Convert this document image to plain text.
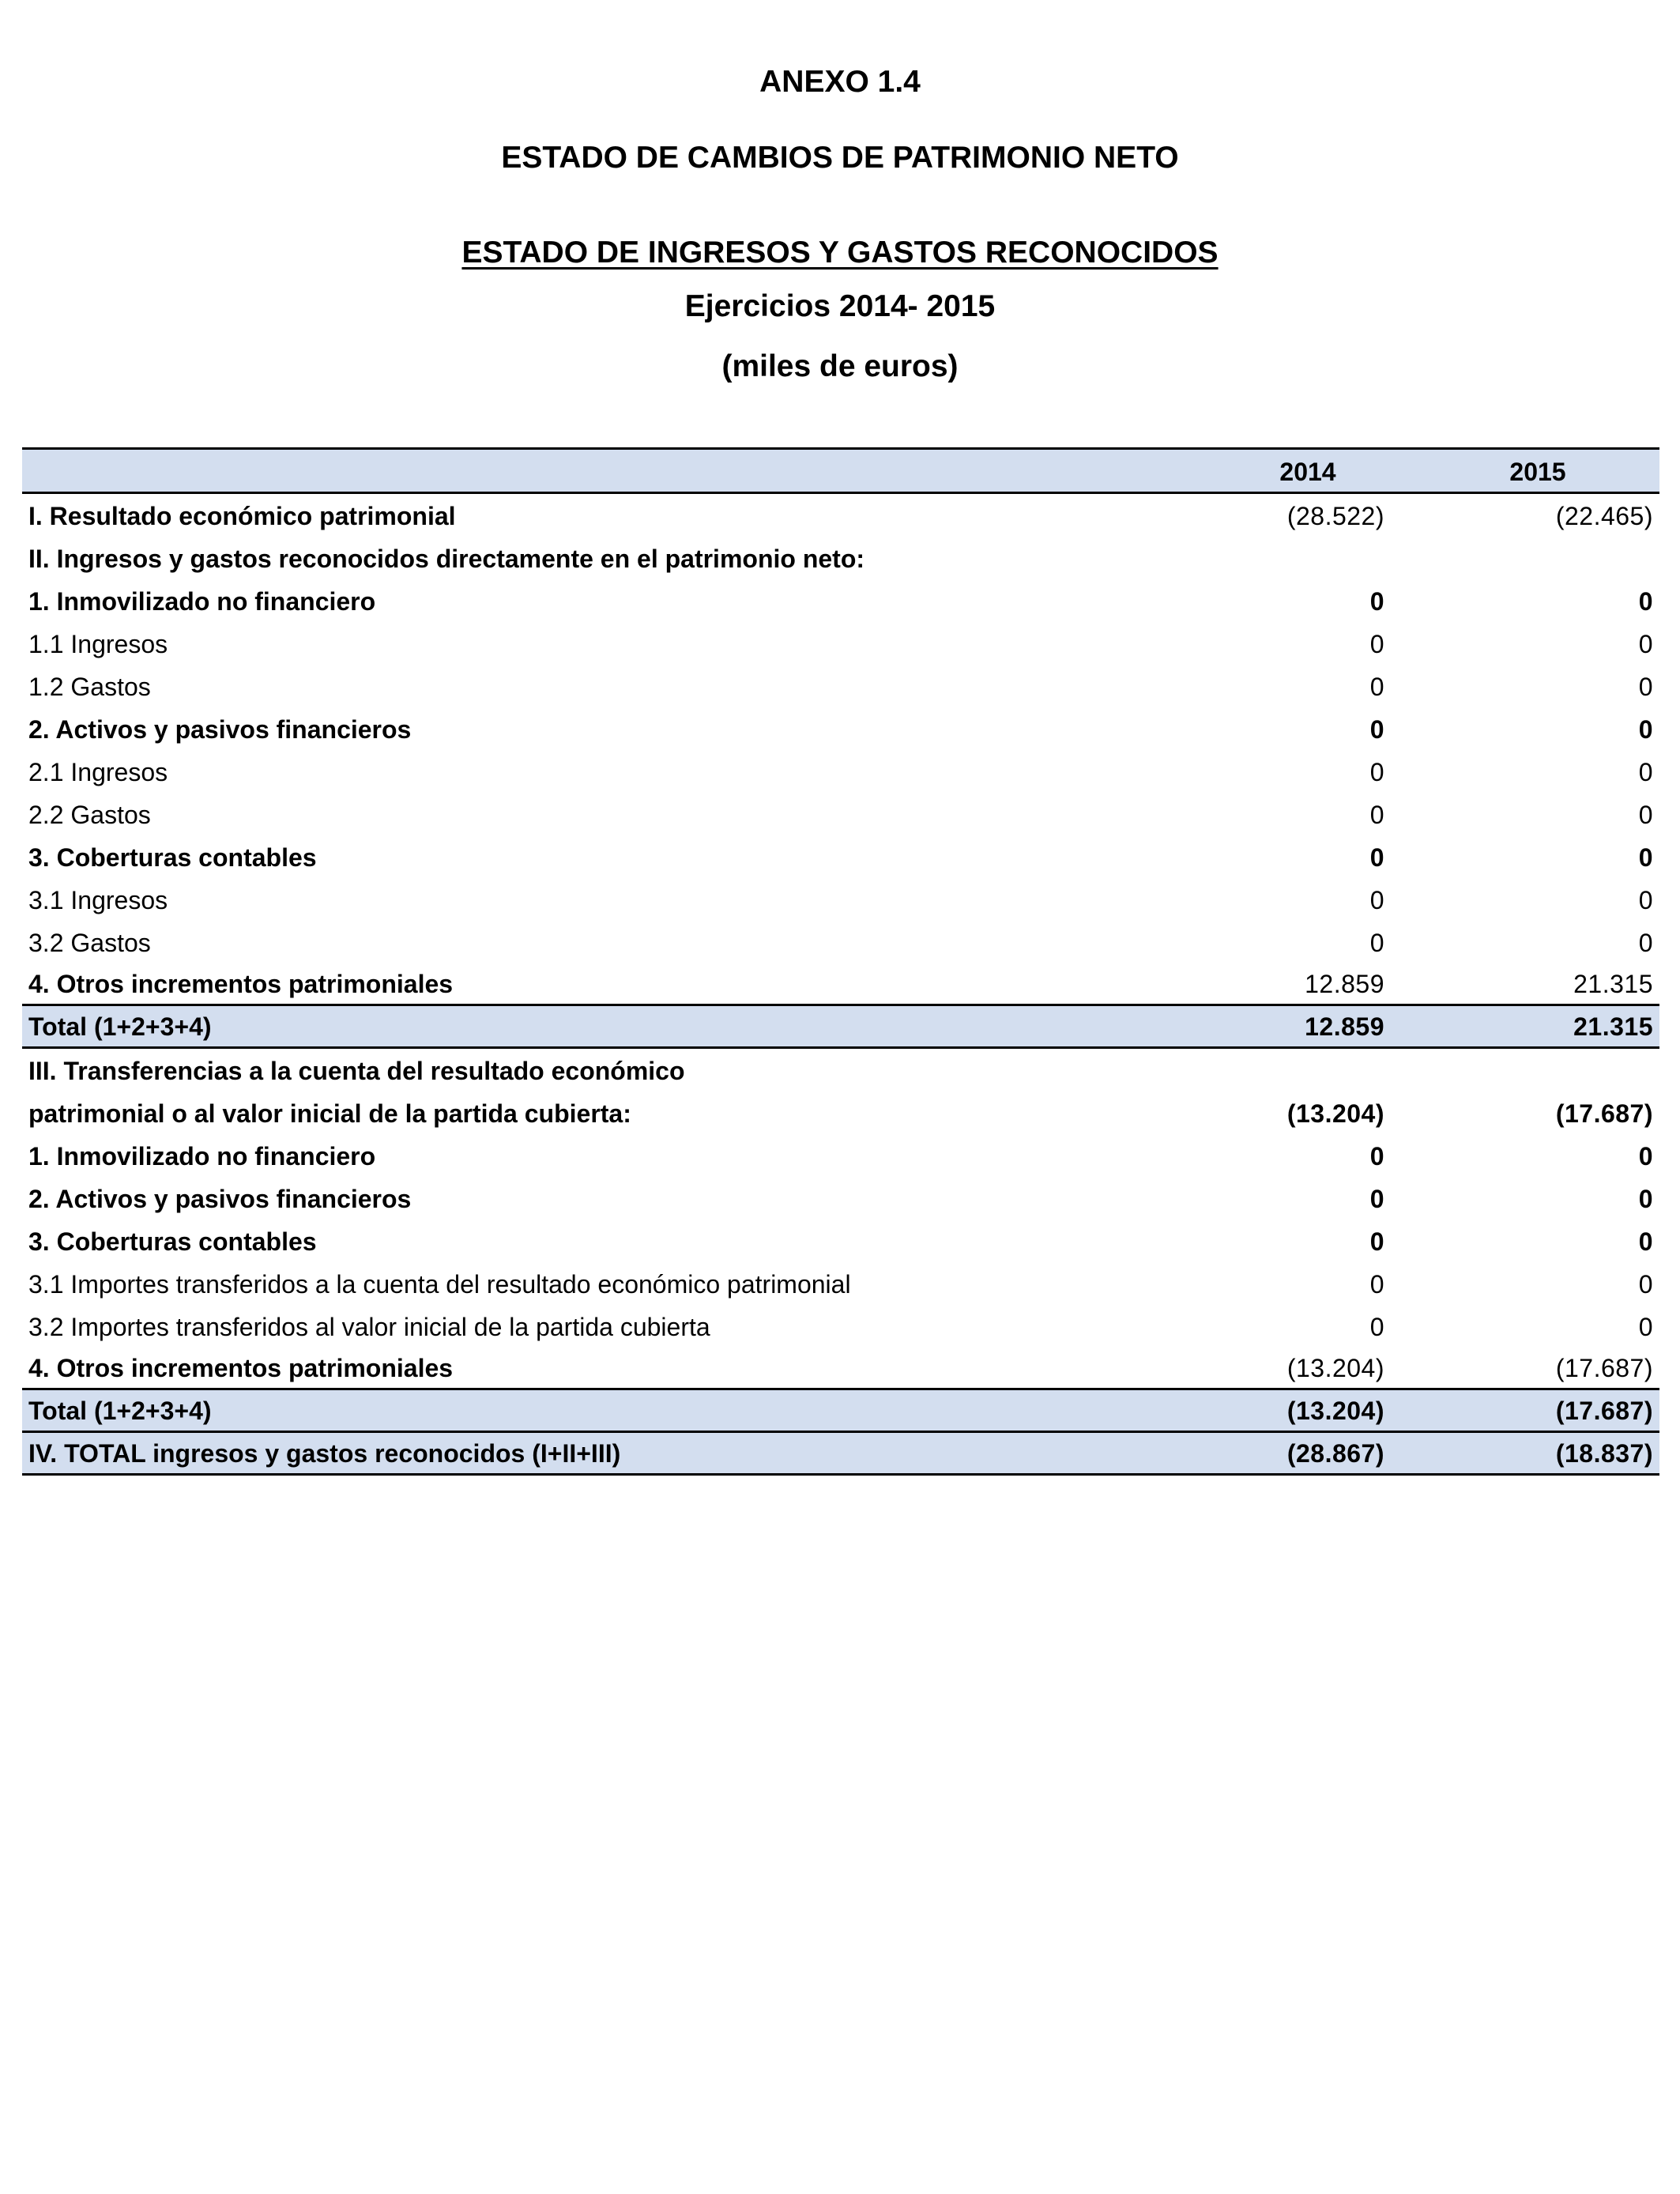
ANEXO 1.4
ESTADO DE CAMBIOS DE PATRIMONIO NETO
ESTADO DE INGRESOS Y GASTOS RECONOCIDOS
Ejercicios 2014- 2015
(miles de euros)
	2014	2015
I. Resultado económico patrimonial	(28.522)	(22.465)
II. Ingresos y gastos reconocidos directamente en el patrimonio neto:		
1. Inmovilizado no financiero	0	0
1.1 Ingresos	0	0
1.2 Gastos	0	0
2. Activos y pasivos financieros	0	0
2.1 Ingresos	0	0
2.2 Gastos	0	0
3. Coberturas contables	0	0
3.1 Ingresos	0	0
3.2 Gastos	0	0
4. Otros incrementos patrimoniales	12.859	21.315
Total (1+2+3+4)	12.859	21.315
III. Transferencias a la cuenta del resultado económico		
patrimonial o al valor inicial de la partida cubierta:	(13.204)	(17.687)
1. Inmovilizado no financiero	0	0
2. Activos y pasivos financieros	0	0
3. Coberturas contables	0	0
3.1 Importes transferidos a la cuenta del resultado económico patrimonial	0	0
3.2 Importes transferidos al valor inicial de la partida cubierta	0	0
4. Otros incrementos patrimoniales	(13.204)	(17.687)
Total (1+2+3+4)	(13.204)	(17.687)
IV. TOTAL ingresos y gastos reconocidos (I+II+III)	(28.867)	(18.837)
